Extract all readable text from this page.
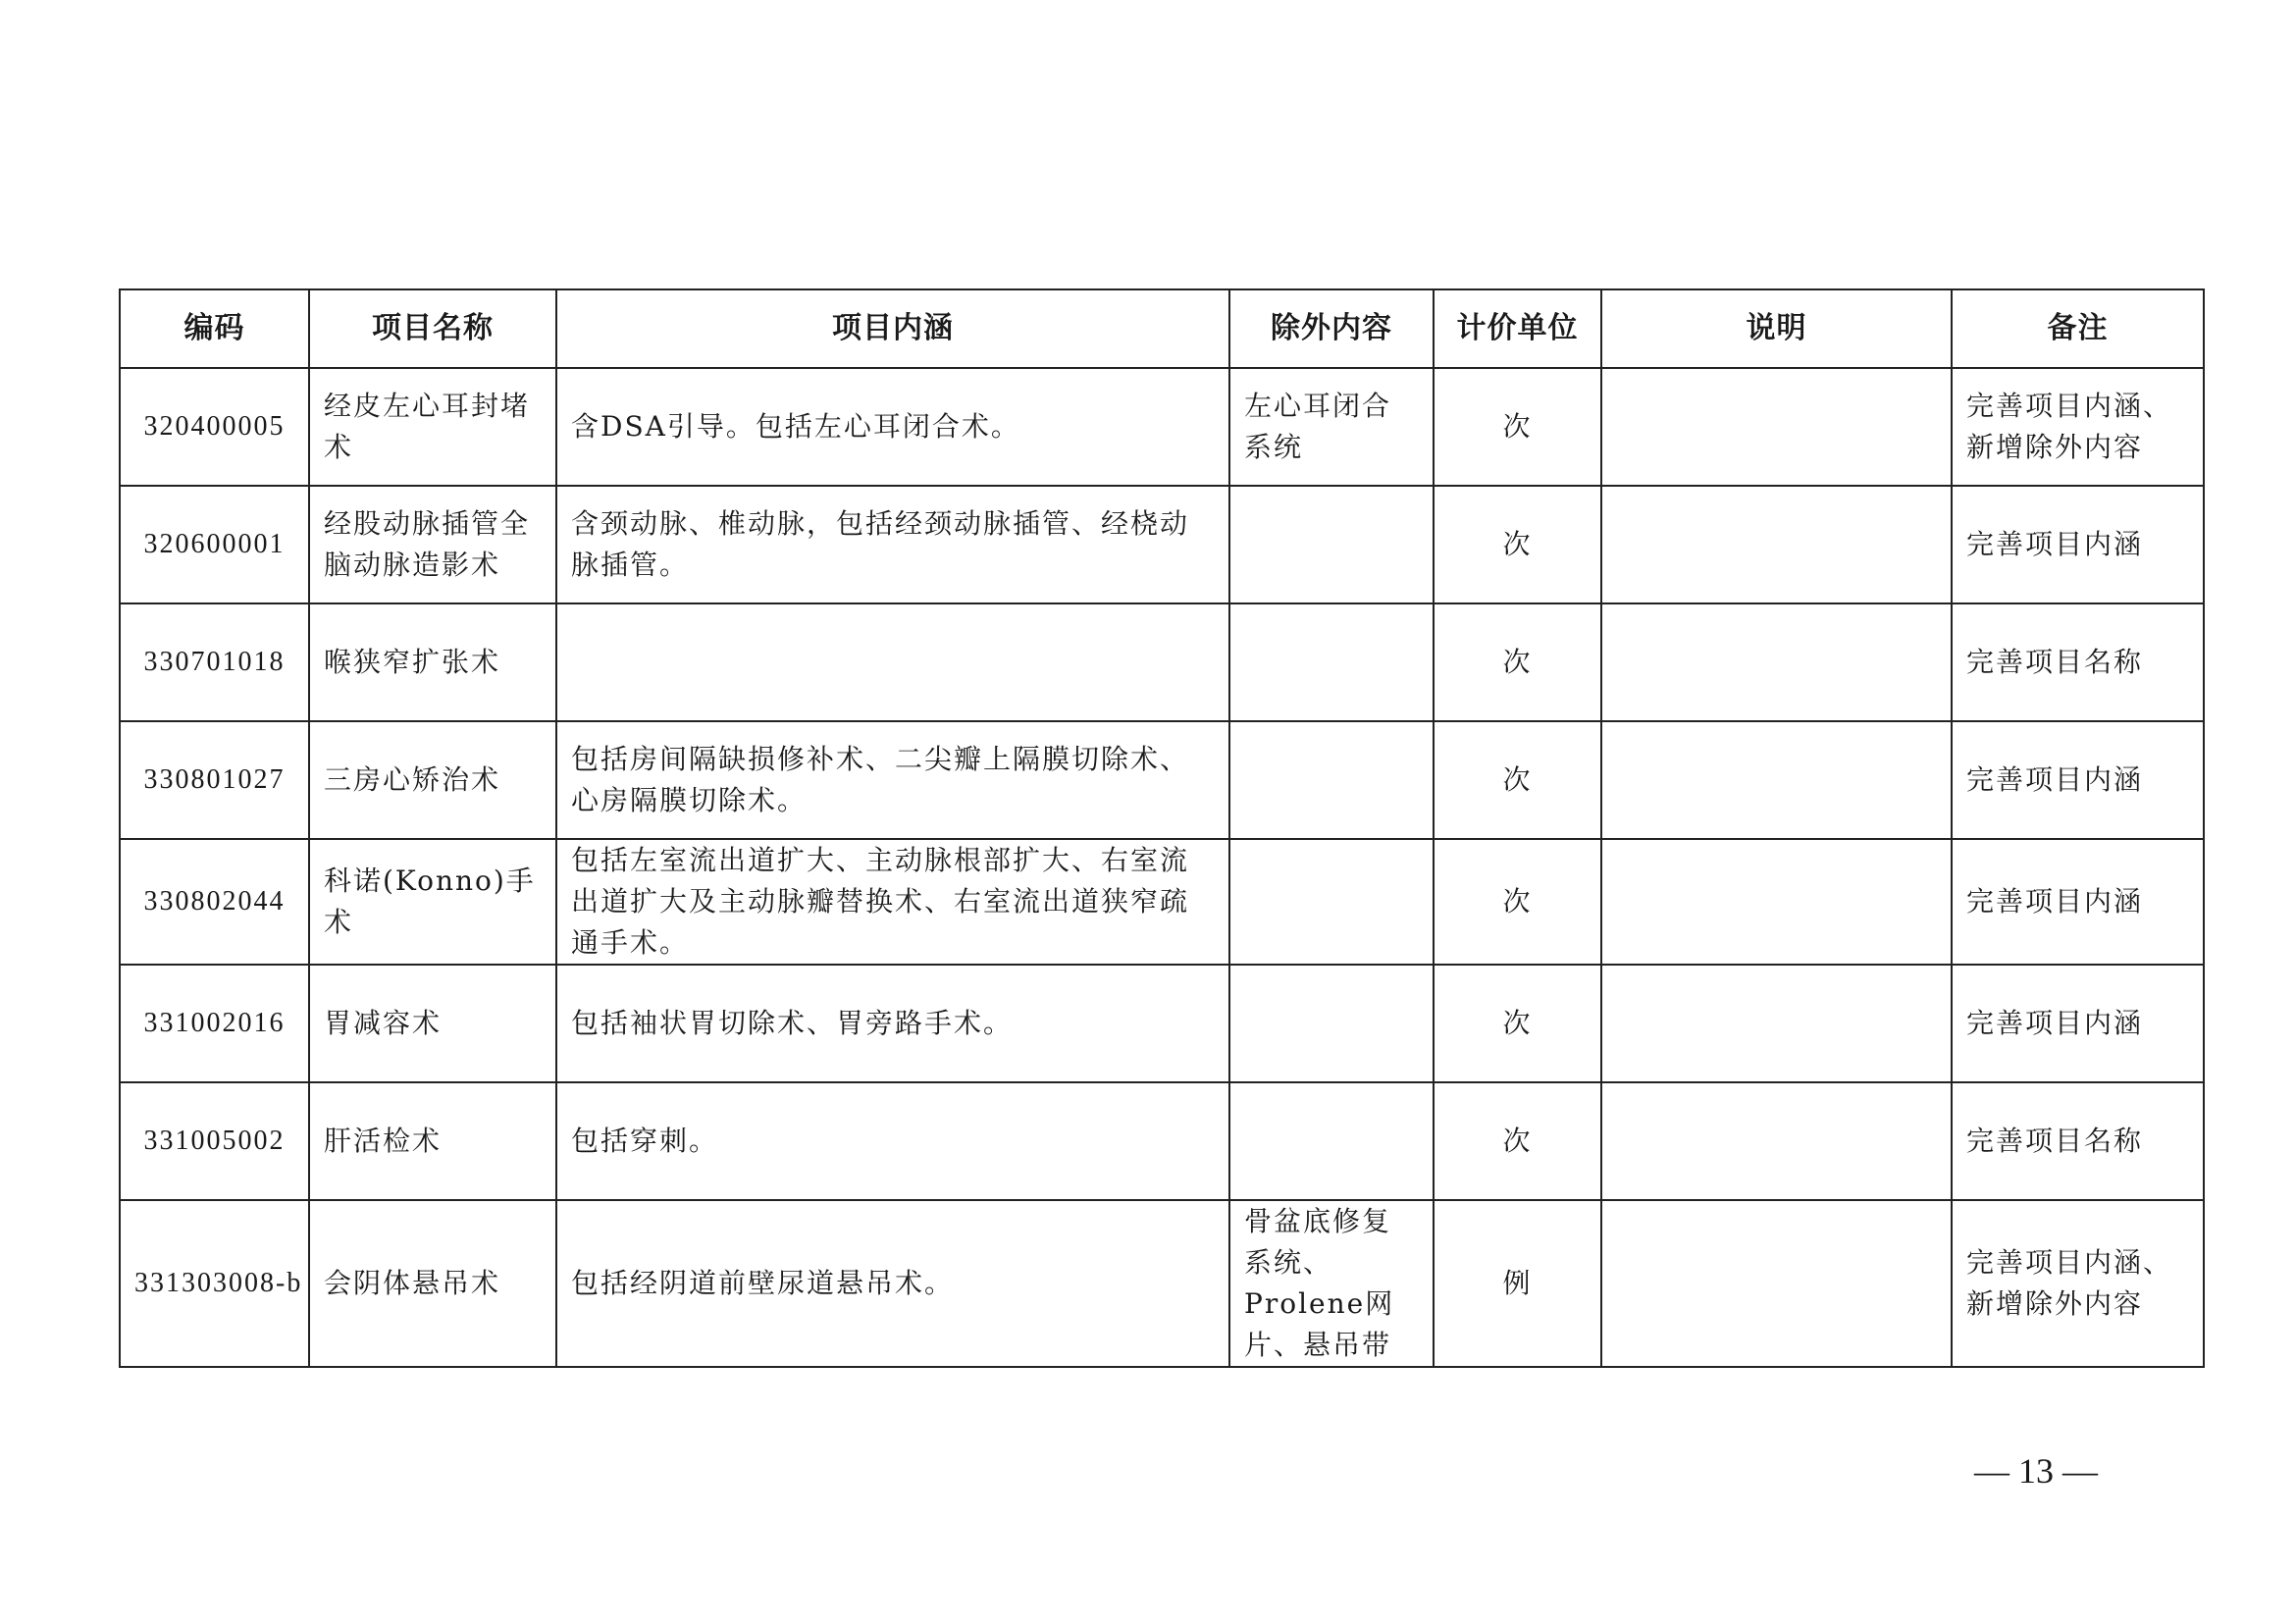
编码	项目名称	项目内涵	除外内容	计价单位	说明	备注
320400005	经皮左心耳封堵术	含DSA引导。包括左心耳闭合术。	左心耳闭合系统	次		完善项目内涵、新增除外内容
320600001	经股动脉插管全脑动脉造影术	含颈动脉、椎动脉，包括经颈动脉插管、经桡动脉插管。		次		完善项目内涵
330701018	喉狭窄扩张术			次		完善项目名称
330801027	三房心矫治术	包括房间隔缺损修补术、二尖瓣上隔膜切除术、心房隔膜切除术。		次		完善项目内涵
330802044	科诺(Konno)手术	包括左室流出道扩大、主动脉根部扩大、右室流出道扩大及主动脉瓣替换术、右室流出道狭窄疏通手术。		次		完善项目内涵
331002016	胃减容术	包括袖状胃切除术、胃旁路手术。		次		完善项目内涵
331005002	肝活检术	包括穿刺。		次		完善项目名称
331303008-b	会阴体悬吊术	包括经阴道前壁尿道悬吊术。	骨盆底修复系统、Prolene网片、悬吊带	例		完善项目内涵、新增除外内容
— 13 —
